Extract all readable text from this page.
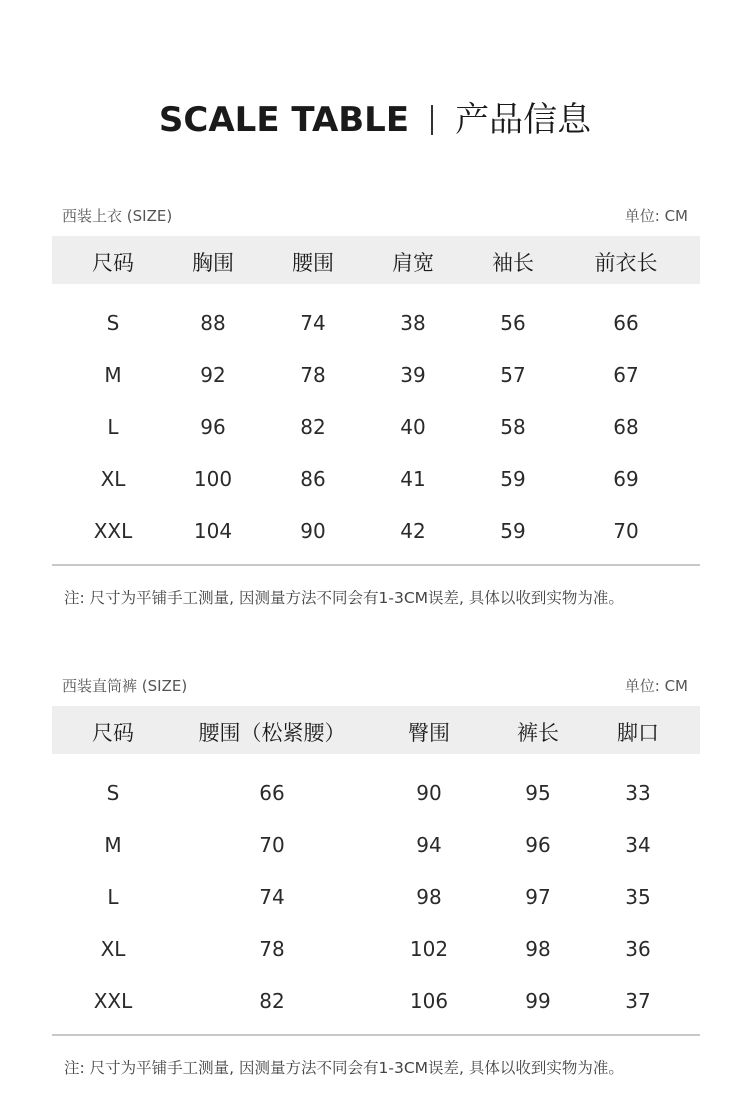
SCALE TABLE 产品信息
西装上衣 (SIZE)	单位: CM
尺码	胸围	腰围	肩宽	袖长	前衣长
S	88	74	38	56	66
M	92	78	39	57	67
L	96	82	40	58	68
XL	100	86	41	59	69
XXL	104	90	42	59	70
注: 尺寸为平铺手工测量, 因测量方法不同会有1-3CM误差, 具体以收到实物为准。
西装直筒裤 (SIZE)	单位: CM
尺码	腰围（松紧腰）	臀围	裤长	脚口
S	66	90	95	33
M	70	94	96	34
L	74	98	97	35
XL	78	102	98	36
XXL	82	106	99	37
注: 尺寸为平铺手工测量, 因测量方法不同会有1-3CM误差, 具体以收到实物为准。
